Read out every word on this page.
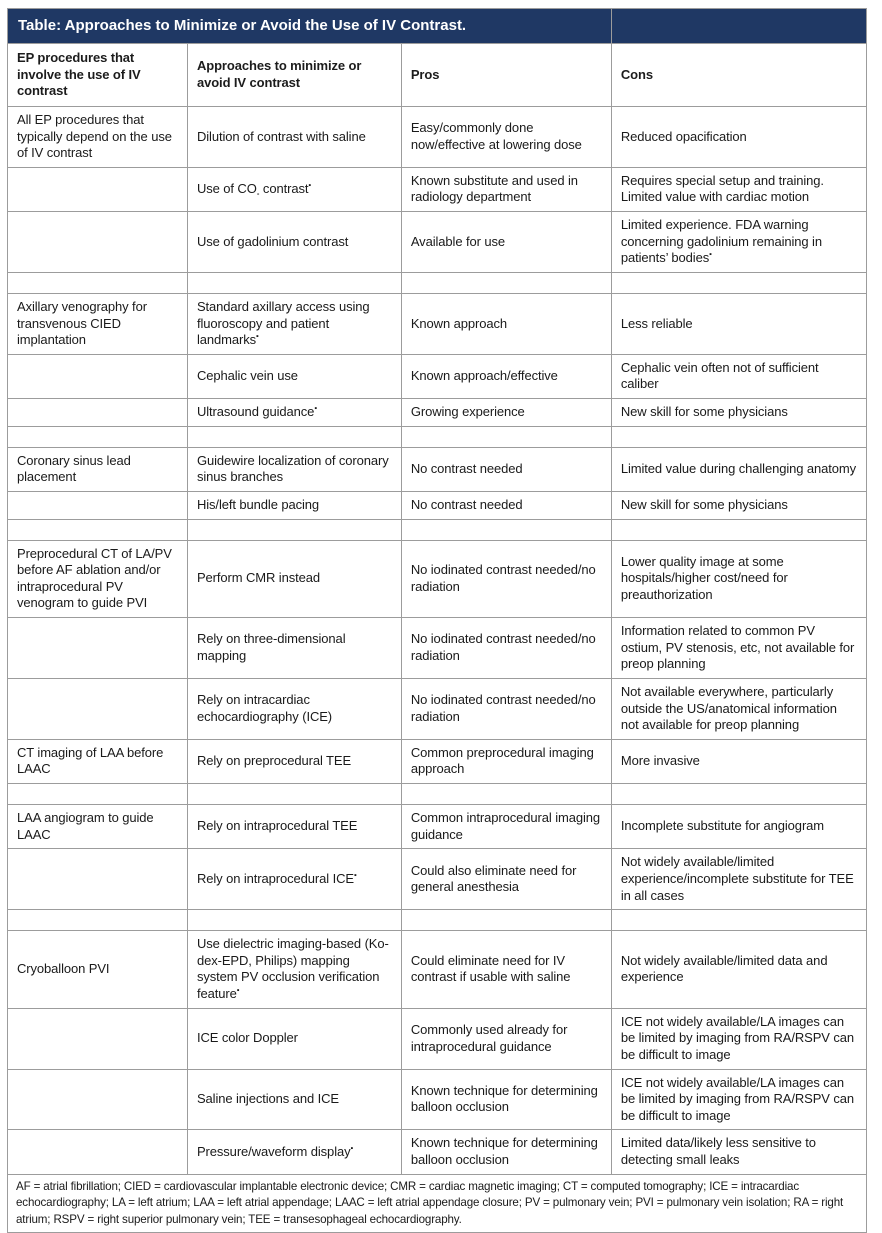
Table: Approaches to Minimize or Avoid the Use of IV Contrast.			
EP procedures that involve the use of IV contrast	Approaches to minimize or avoid IV contrast	Pros	Cons
All EP procedures that typically depend on the use of IV contrast	Dilution of contrast with saline	Easy/commonly done now/effective at lowering dose	Reduced opacification
	Use of $CO_▪$ contrast▪	Known substitute and used in radiology department	Requires special setup and training. Limited value with cardiac motion
	Use of gadolinium contrast	Available for use	Limited experience. FDA warning concerning gadolinium remaining in patients’ bodies▪

Axillary venography for transvenous CIED implantation	Standard axillary access using fluoroscopy and patient landmarks▪	Known approach	Less reliable
	Cephalic vein use	Known approach/effective	Cephalic vein often not of sufficient caliber
	Ultrasound guidance▪	Growing experience	New skill for some physicians

Coronary sinus lead placement	Guidewire localization of coronary sinus branches	No contrast needed	Limited value during challenging anatomy
	His/left bundle pacing	No contrast needed	New skill for some physicians

Preprocedural CT of LA/PV before AF ablation and/or intraprocedural PV venogram to guide PVI	Perform CMR instead	No iodinated contrast needed/no radiation	Lower quality image at some hospitals/higher cost/need for preauthorization
	Rely on three-dimensional mapping	No iodinated contrast needed/no radiation	Information related to common PV ostium, PV stenosis, etc, not available for preop planning
	Rely on intracardiac echocardiography (ICE)	No iodinated contrast needed/no radiation	Not available everywhere, particularly outside the US/anatomical information not available for preop planning
CT imaging of LAA before LAAC	Rely on preprocedural TEE	Common preprocedural imaging approach	More invasive

LAA angiogram to guide LAAC	Rely on intraprocedural TEE	Common intraprocedural imaging guidance	Incomplete substitute for angiogram
	Rely on intraprocedural ICE▪	Could also eliminate need for general anesthesia	Not widely available/limited experience/incomplete substitute for TEE in all cases

Cryoballoon PVI	Use dielectric imaging-based (Ko-dex-EPD, Philips) mapping system PV occlusion verification feature▪	Could eliminate need for IV contrast if usable with saline	Not widely available/limited data and experience
	ICE color Doppler	Commonly used already for intraprocedural guidance	ICE not widely available/LA images can be limited by imaging from RA/RSPV can be difficult to image
	Saline injections and ICE	Known technique for determining balloon occlusion	ICE not widely available/LA images can be limited by imaging from RA/RSPV can be difficult to image
	Pressure/waveform display▪	Known technique for determining balloon occlusion	Limited data/likely less sensitive to detecting small leaks
AF = atrial fibrillation; CIED = cardiovascular implantable electronic device; CMR = cardiac magnetic imaging; CT = computed tomography; ICE = intracardiac echocardiography; LA = left atrium; LAA = left atrial appendage; LAAC = left atrial appendage closure; PV = pulmonary vein; PVI = pulmonary vein isolation; RA = right atrium; RSPV = right superior pulmonary vein; TEE = transesophageal echocardiography.			
